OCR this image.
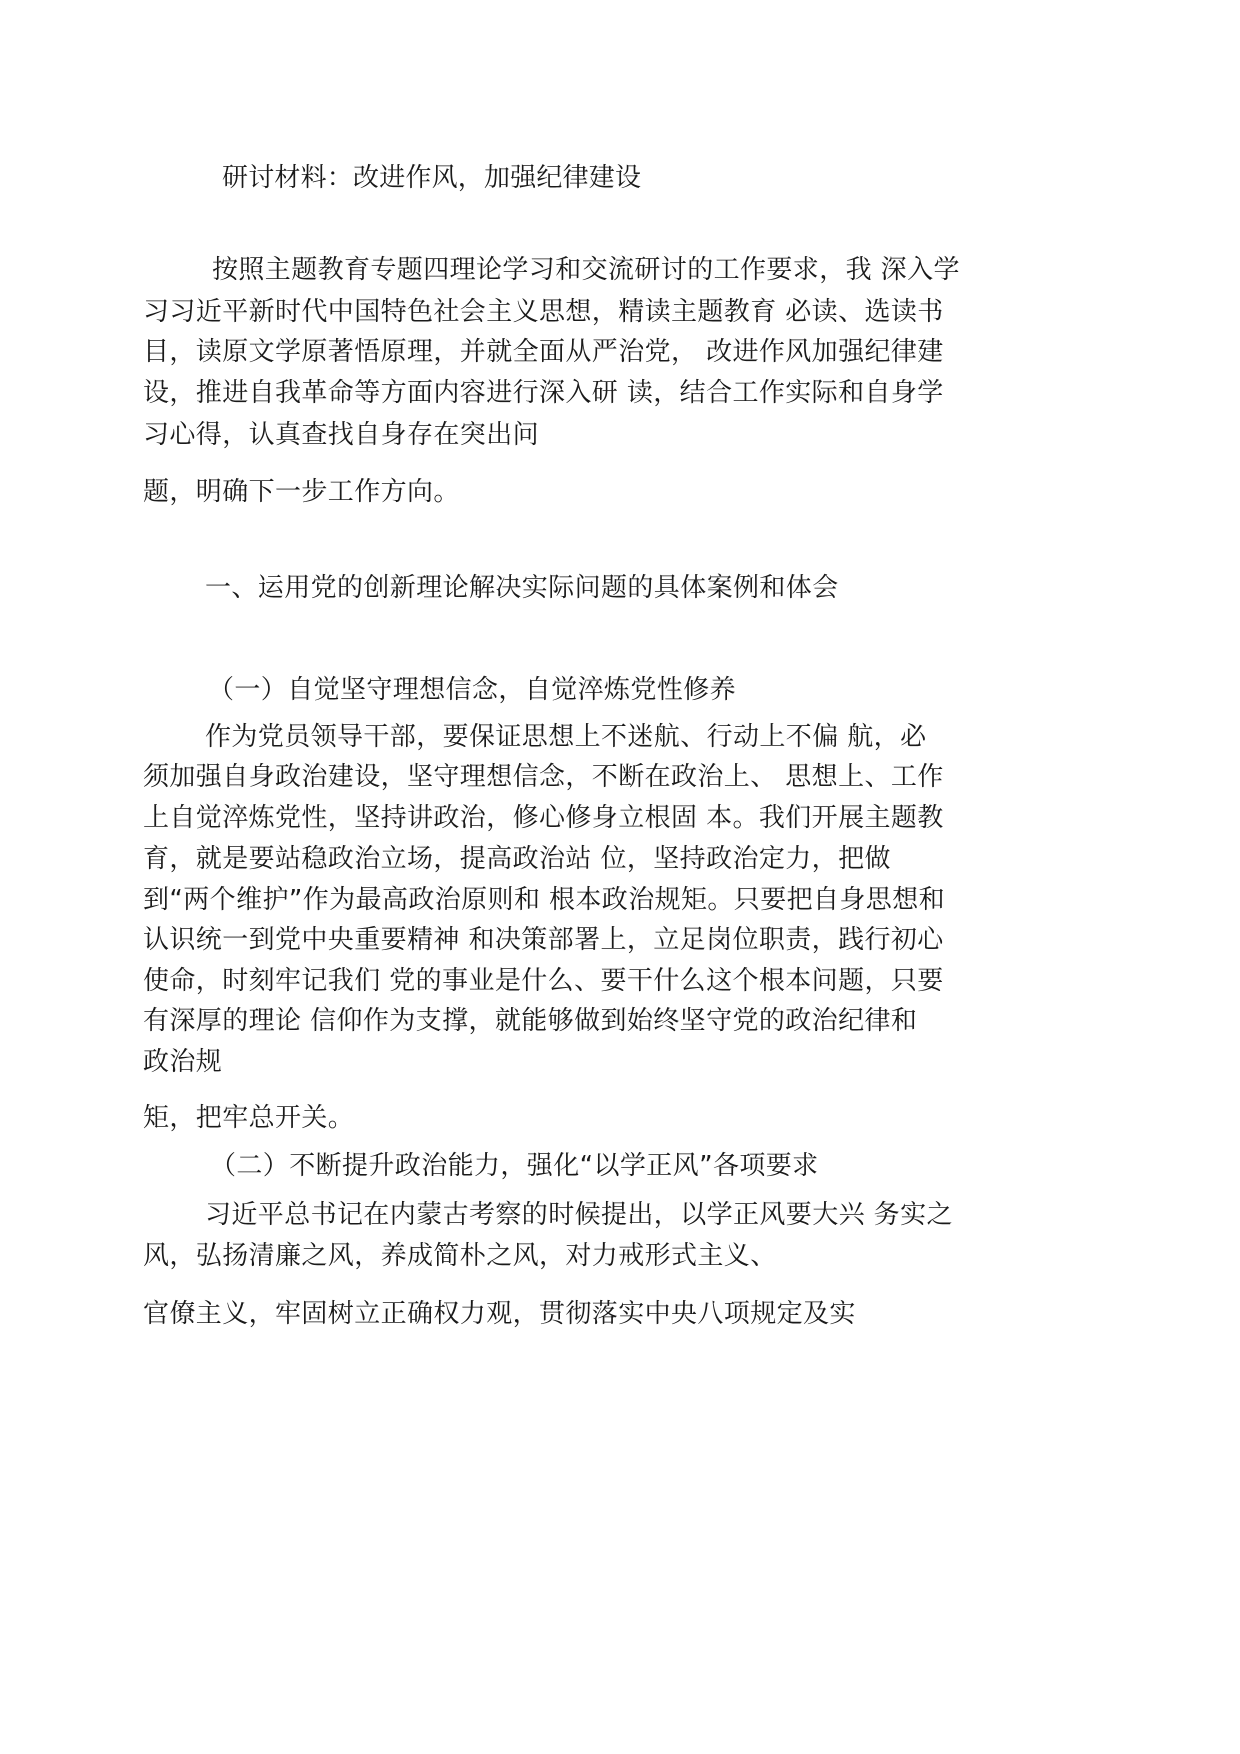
研讨材料：改进作风，加强纪律建设
按照主题教育专题四理论学习和交流研讨的工作要求，我 深入学
习习近平新时代中国特色社会主义思想，精读主题教育 必读、选读书
目，读原文学原著悟原理，并就全面从严治党， 改进作风加强纪律建
设，推进自我革命等方面内容进行深入研 读，结合工作实际和自身学
习心得，认真查找自身存在突出问
题，明确下一步工作方向。
一、运用党的创新理论解决实际问题的具体案例和体会
（一）自觉坚守理想信念，自觉淬炼党性修养
作为党员领导干部，要保证思想上不迷航、行动上不偏 航，必
须加强自身政治建设，坚守理想信念，不断在政治上、 思想上、工作
上自觉淬炼党性，坚持讲政治，修心修身立根固 本。我们开展主题教
育，就是要站稳政治立场，提高政治站 位，坚持政治定力，把做
到“两个维护”作为最高政治原则和 根本政治规矩。只要把自身思想和
认识统一到党中央重要精神 和决策部署上，立足岗位职责，践行初心
使命，时刻牢记我们 党的事业是什么、要干什么这个根本问题，只要
有深厚的理论 信仰作为支撑，就能够做到始终坚守党的政治纪律和
政治规
矩，把牢总开关。
（二）不断提升政治能力，强化“以学正风”各项要求
习近平总书记在内蒙古考察的时候提出，以学正风要大兴 务实之
风，弘扬清廉之风，养成简朴之风，对力戒形式主义、
官僚主义，牢固树立正确权力观，贯彻落实中央八项规定及实
